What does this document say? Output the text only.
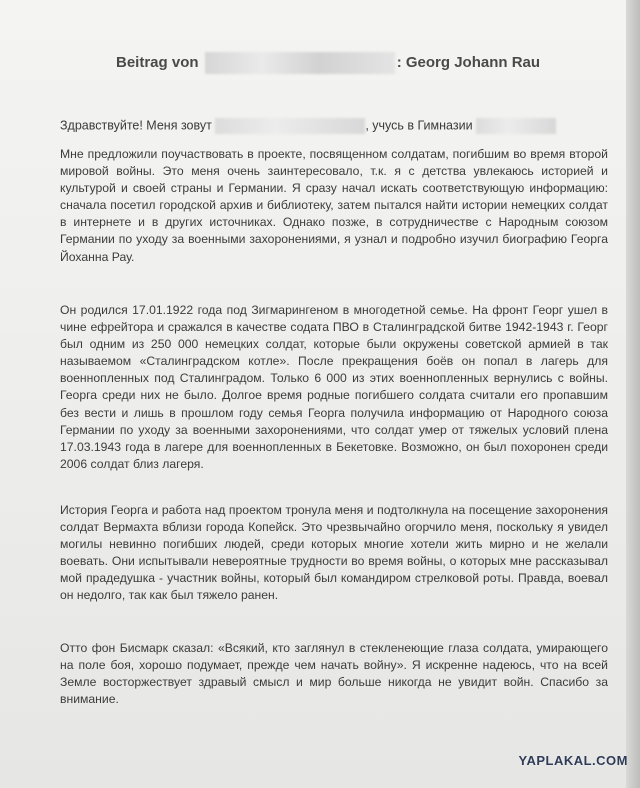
Beitrag von	: Georg Johann Rau
Здравствуйте! Меня зовут	, учусь в Гимназии

Мне предложили поучаствовать в проекте, посвященном солдатам, погибшим во время второй мировой войны. Это меня очень заинтересовало, т.к. я с детства увлекаюсь историей и культурой и своей страны и Германии. Я сразу начал искать соответствующую информацию: сначала посетил городской архив и библиотеку, затем пытался найти истории немецких солдат в интернете и в других источниках. Однако позже, в сотрудничестве с Народным союзом Германии по уходу за военными захоронениями, я узнал и подробно изучил биографию Георга Йоханна Рау.

Он родился 17.01.1922 года под Зигмарингеном в многодетной семье. На фронт Георг ушел в чине ефрейтора и сражался в качестве содата ПВО в Сталинградской битве 1942-1943 г. Георг был одним из 250 000 немецких солдат, которые были окружены советской армией в так называемом «Сталинградском котле». После прекращения боёв он попал в лагерь для военнопленных под Сталинградом. Только 6 000 из этих военнопленных вернулись с войны. Георга среди них не было. Долгое время родные погибшего солдата считали его пропавшим без вести и лишь в прошлом году семья Георга получила информацию от Народного союза Германии по уходу за военными захоронениями, что солдат умер от тяжелых условий плена 17.03.1943 года в лагере для военнопленных в Бекетовке. Возможно, он был похоронен среди 2006 солдат близ лагеря.

История Георга и работа над проектом тронула меня и подтолкнула на посещение захоронения солдат Вермахта вблизи города Копейск. Это чрезвычайно огорчило меня, поскольку я увидел могилы невинно погибших людей, среди которых многие хотели жить мирно и не желали воевать. Они испытывали невероятные трудности во время войны, о которых мне рассказывал мой прадедушка - участник войны, который был командиром стрелковой роты. Правда, воевал он недолго, так как был тяжело ранен.

Отто фон Бисмарк сказал: «Всякий, кто заглянул в стекленеющие глаза солдата, умирающего на поле боя, хорошо подумает, прежде чем начать войну». Я искренне надеюсь, что на всей Земле восторжествует здравый смысл и мир больше никогда не увидит войн. Спасибо за внимание.

YAPLAKAL.COM
